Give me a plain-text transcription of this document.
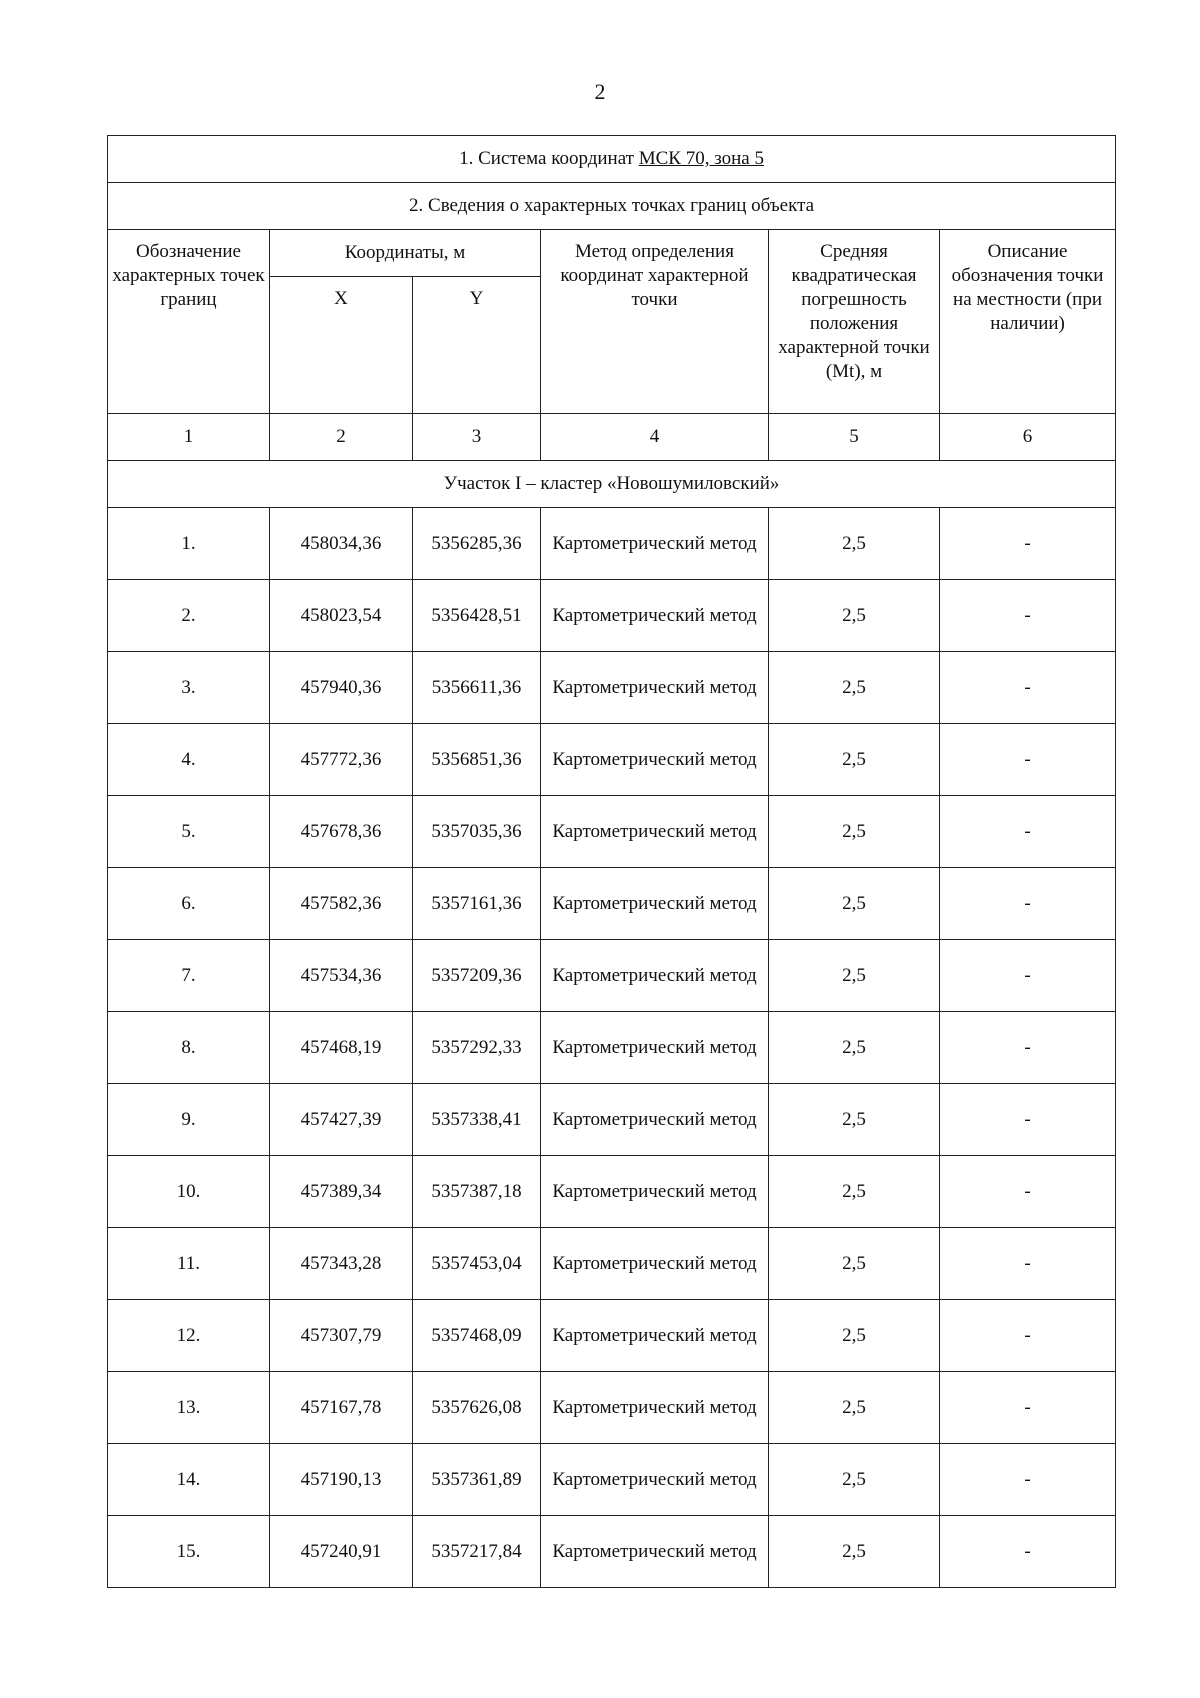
2
1. Система координат МСК 70, зона 5					
2. Сведения о характерных точках границ объекта					
Обозначение характерных точек границ	Координаты, м		Метод определения координат характерной точки	Средняя квадратическая погрешность положения характерной точки (Mt), м	Описание обозначения точки на местности (при наличии)
	X	Y			
1	2	3	4	5	6
Участок I – кластер «Новошумиловский»					
1.	458034,36	5356285,36	Картометрический метод	2,5	-
2.	458023,54	5356428,51	Картометрический метод	2,5	-
3.	457940,36	5356611,36	Картометрический метод	2,5	-
4.	457772,36	5356851,36	Картометрический метод	2,5	-
5.	457678,36	5357035,36	Картометрический метод	2,5	-
6.	457582,36	5357161,36	Картометрический метод	2,5	-
7.	457534,36	5357209,36	Картометрический метод	2,5	-
8.	457468,19	5357292,33	Картометрический метод	2,5	-
9.	457427,39	5357338,41	Картометрический метод	2,5	-
10.	457389,34	5357387,18	Картометрический метод	2,5	-
11.	457343,28	5357453,04	Картометрический метод	2,5	-
12.	457307,79	5357468,09	Картометрический метод	2,5	-
13.	457167,78	5357626,08	Картометрический метод	2,5	-
14.	457190,13	5357361,89	Картометрический метод	2,5	-
15.	457240,91	5357217,84	Картометрический метод	2,5	-
